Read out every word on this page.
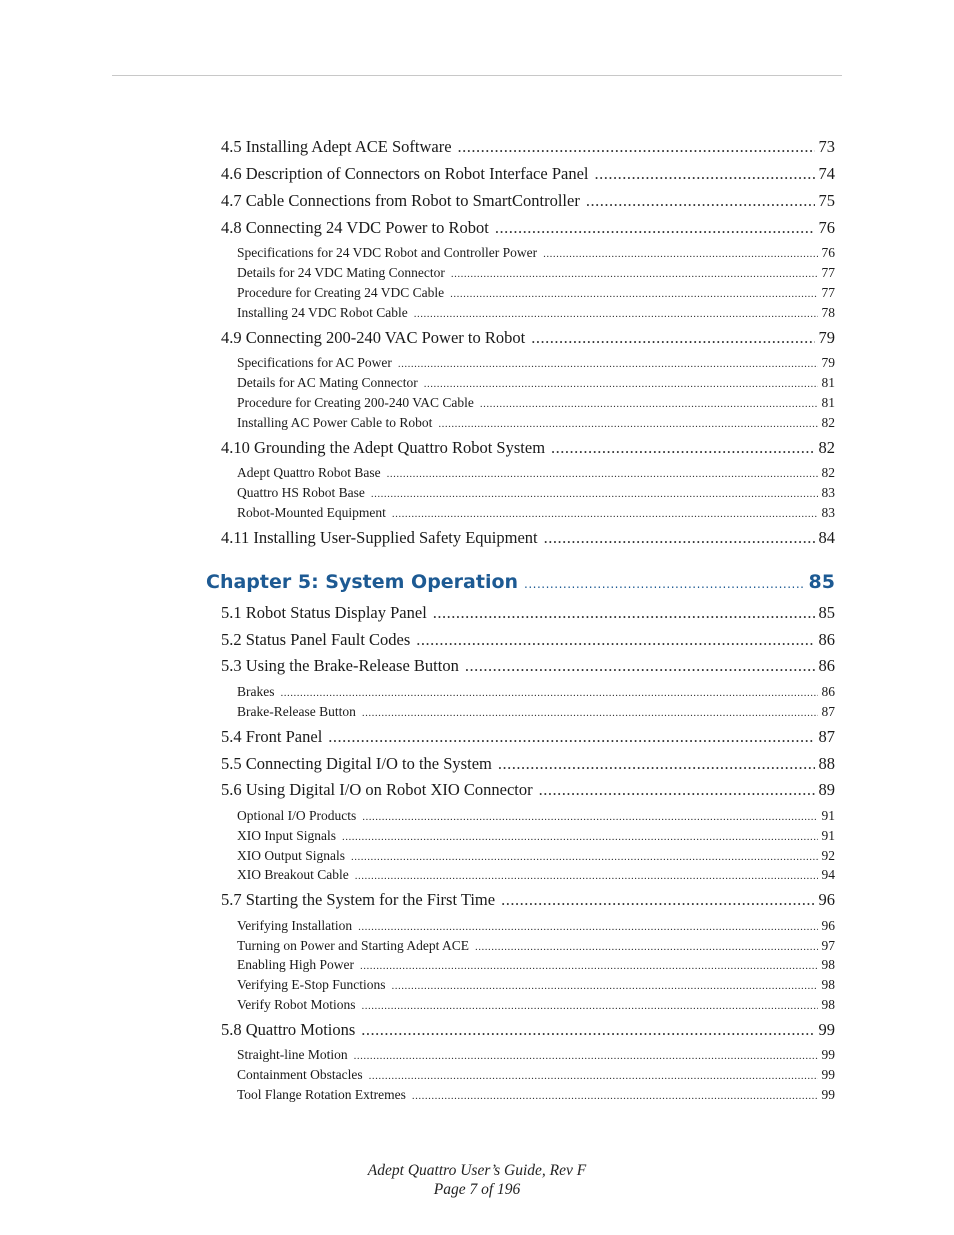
4.5 Installing Adept ACE Software .....	73
4.6 Description of Connectors on Robot Interface Panel .....	74
4.7 Cable Connections from Robot to SmartController .....	75
4.8 Connecting 24 VDC Power to Robot .....	76
Specifications for 24 VDC Robot and Controller Power .....	76
Details for 24 VDC Mating Connector .....	77
Procedure for Creating 24 VDC Cable .....	77
Installing 24 VDC Robot Cable .....	78
4.9 Connecting 200-240 VAC Power to Robot .....	79
Specifications for AC Power .....	79
Details for AC Mating Connector .....	81
Procedure for Creating 200-240 VAC Cable .....	81
Installing AC Power Cable to Robot .....	82
4.10 Grounding the Adept Quattro Robot System .....	82
Adept Quattro Robot Base .....	82
Quattro HS Robot Base .....	83
Robot-Mounted Equipment .....	83
4.11 Installing User-Supplied Safety Equipment .....	84
Chapter 5: System Operation .....	85
5.1 Robot Status Display Panel .....	85
5.2 Status Panel Fault Codes .....	86
5.3 Using the Brake-Release Button .....	86
Brakes .....	86
Brake-Release Button .....	87
5.4 Front Panel .....	87
5.5 Connecting Digital I/O to the System .....	88
5.6 Using Digital I/O on Robot XIO Connector .....	89
Optional I/O Products .....	91
XIO Input Signals .....	91
XIO Output Signals .....	92
XIO Breakout Cable .....	94
5.7 Starting the System for the First Time .....	96
Verifying Installation .....	96
Turning on Power and Starting Adept ACE .....	97
Enabling High Power .....	98
Verifying E-Stop Functions .....	98
Verify Robot Motions .....	98
5.8 Quattro Motions .....	99
Straight-line Motion .....	99
Containment Obstacles .....	99
Tool Flange Rotation Extremes .....	99
Adept Quattro User’s Guide, Rev F
Page 7 of 196
